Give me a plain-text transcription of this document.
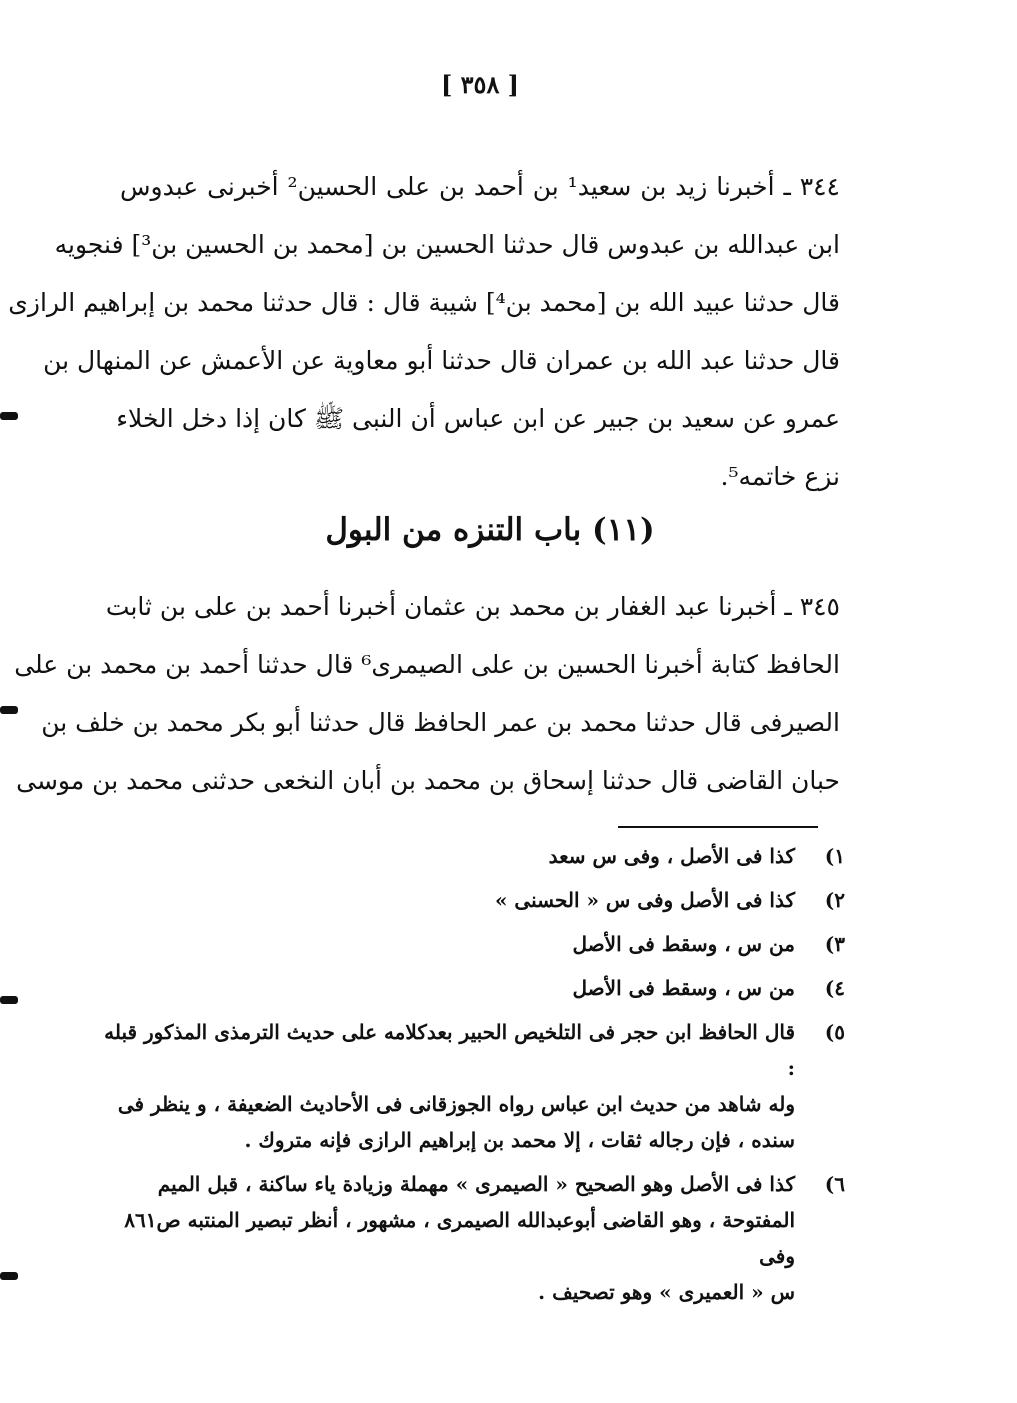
[ ٣٥٨ ]
٣٤٤ ـ أخبرنا زيد بن سعيد¹ بن أحمد بن على الحسين² أخبرنى عبدوس
ابن عبدالله بن عبدوس قال حدثنا الحسين بن [محمد بن الحسين بن³] فنجويه
قال حدثنا عبيد الله بن [محمد بن⁴] شيبة قال : قال حدثنا محمد بن إبراهيم الرازى
قال حدثنا عبد الله بن عمران قال حدثنا أبو معاوية عن الأعمش عن المنهال بن
عمرو عن سعيد بن جبير عن ابن عباس أن النبى ﷺ كان إذا دخل الخلاء
نزع خاتمه⁵.
(١١) باب التنزه من البول
٣٤٥ ـ أخبرنا عبد الغفار بن محمد بن عثمان أخبرنا أحمد بن على بن ثابت
الحافظ كتابة أخبرنا الحسين بن على الصيمرى⁶ قال حدثنا أحمد بن محمد بن على
الصيرفى قال حدثنا محمد بن عمر الحافظ قال حدثنا أبو بكر محمد بن خلف بن
حبان القاضى قال حدثنا إسحاق بن محمد بن أبان النخعى حدثنى محمد بن موسى
١)
كذا فى الأصل ، وفى س سعد
٢)
كذا فى الأصل وفى س « الحسنى »
٣)
من س ، وسقط فى الأصل
٤)
من س ، وسقط فى الأصل
٥)
قال الحافظ ابن حجر فى التلخيص الحبير بعدكلامه على حديث الترمذى المذكور قبله :
وله شاهد من حديث ابن عباس رواه الجوزقانى فى الأحاديث الضعيفة ، و ينظر فى
سنده ، فإن رجاله ثقات ، إلا محمد بن إبراهيم الرازى فإنه متروك .
٦)
كذا فى الأصل وهو الصحيح « الصيمرى » مهملة وزيادة ياء ساكنة ، قبل الميم
المفتوحة ، وهو القاضى أبوعبدالله الصيمرى ، مشهور ، أنظر تبصير المنتبه ص٨٦١ وفى
س « العميرى » وهو تصحيف .
